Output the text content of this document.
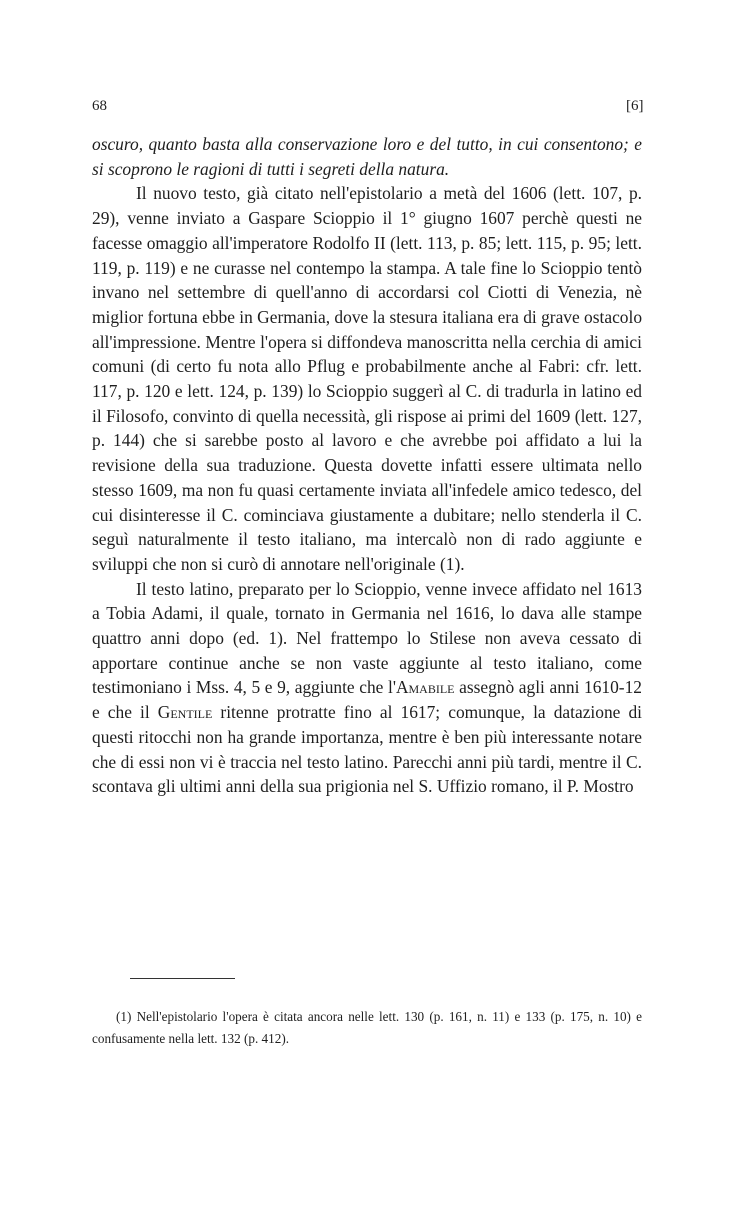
68	[6]

oscuro, quanto basta alla conservazione loro e del tutto, in cui consentono; e si scoprono le ragioni di tutti i segreti della natura.

Il nuovo testo, già citato nell'epistolario a metà del 1606 (lett. 107, p. 29), venne inviato a Gaspare Scioppio il 1° giugno 1607 perchè questi ne facesse omaggio all'imperatore Rodolfo II (lett. 113, p. 85; lett. 115, p. 95; lett. 119, p. 119) e ne curasse nel contempo la stampa. A tale fine lo Scioppio tentò invano nel settembre di quell'anno di accordarsi col Ciotti di Venezia, nè miglior fortuna ebbe in Germania, dove la stesura italiana era di grave ostacolo all'impressione. Mentre l'opera si diffondeva manoscritta nella cerchia di amici comuni (di certo fu nota allo Pflug e probabilmente anche al Fabri: cfr. lett. 117, p. 120 e lett. 124, p. 139) lo Scioppio suggerì al C. di tradurla in latino ed il Filosofo, convinto di quella necessità, gli rispose ai primi del 1609 (lett. 127, p. 144) che si sarebbe posto al lavoro e che avrebbe poi affidato a lui la revisione della sua traduzione. Questa dovette infatti essere ultimata nello stesso 1609, ma non fu quasi certamente inviata all'infedele amico tedesco, del cui disinteresse il C. cominciava giustamente a dubitare; nello stenderla il C. seguì naturalmente il testo italiano, ma intercalò non di rado aggiunte e sviluppi che non si curò di annotare nell'originale (1).

Il testo latino, preparato per lo Scioppio, venne invece affidato nel 1613 a Tobia Adami, il quale, tornato in Germania nel 1616, lo dava alle stampe quattro anni dopo (ed. 1). Nel frattempo lo Stilese non aveva cessato di apportare continue anche se non vaste aggiunte al testo italiano, come testimoniano i Mss. 4, 5 e 9, aggiunte che l'Amabile assegnò agli anni 1610-12 e che il Gentile ritenne protratte fino al 1617; comunque, la datazione di questi ritocchi non ha grande importanza, mentre è ben più interessante notare che di essi non vi è traccia nel testo latino. Parecchi anni più tardi, mentre il C. scontava gli ultimi anni della sua prigionia nel S. Uffizio romano, il P. Mostro

(1) Nell'epistolario l'opera è citata ancora nelle lett. 130 (p. 161, n. 11) e 133 (p. 175, n. 10) e confusamente nella lett. 132 (p. 412).
